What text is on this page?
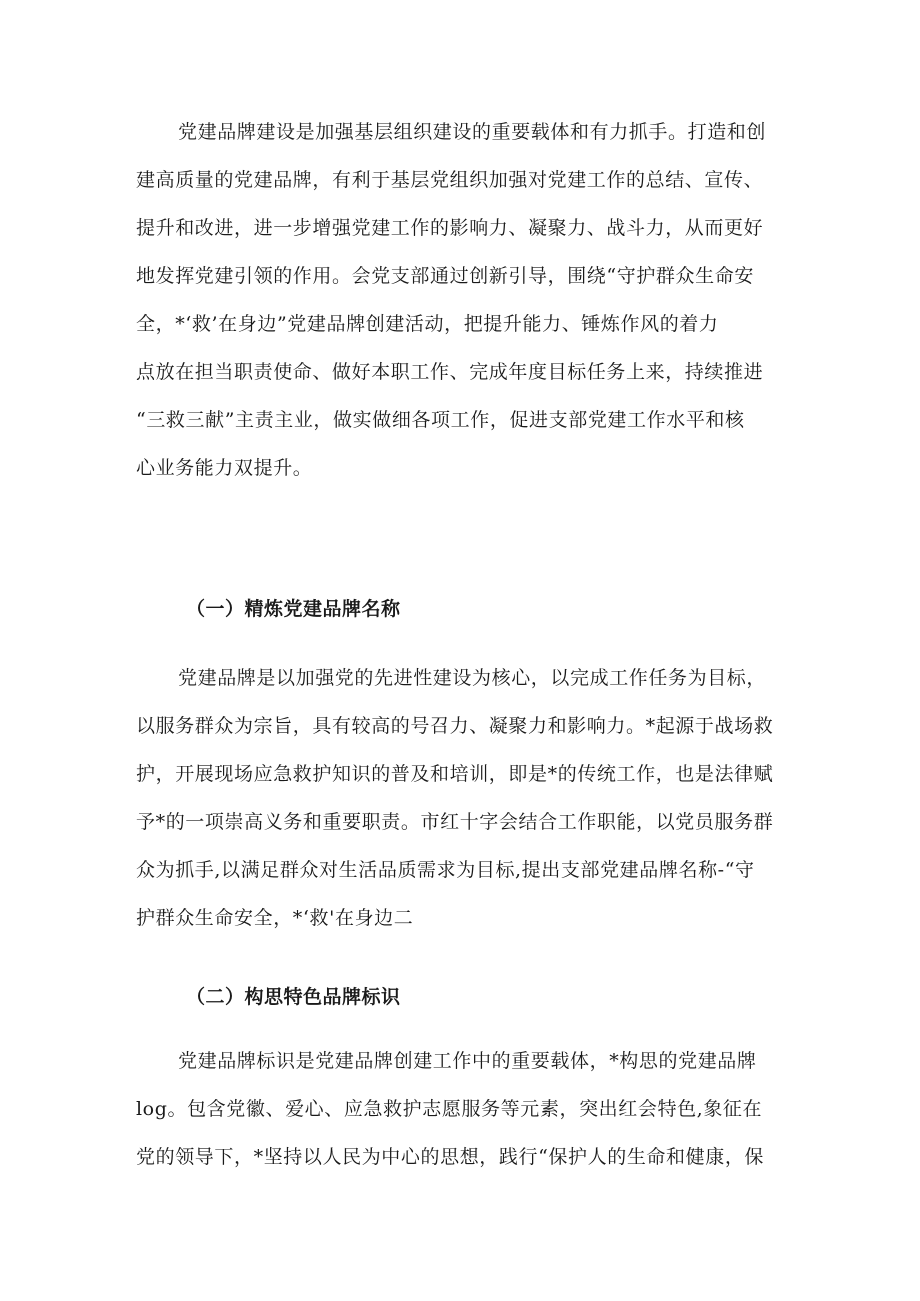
党建品牌建设是加强基层组织建设的重要载体和有力抓手。打造和创
建高质量的党建品牌，有利于基层党组织加强对党建工作的总结、宣传、
提升和改进，进一步增强党建工作的影响力、凝聚力、战斗力，从而更好
地发挥党建引领的作用。会党支部通过创新引导，围绕“守护群众生命安
全，*‘救’在身边”党建品牌创建活动，把提升能力、锤炼作风的着力
点放在担当职责使命、做好本职工作、完成年度目标任务上来，持续推进
“三救三献”主责主业，做实做细各项工作，促进支部党建工作水平和核
心业务能力双提升。
（一）精炼党建品牌名称
党建品牌是以加强党的先进性建设为核心，以完成工作任务为目标，
以服务群众为宗旨，具有较高的号召力、凝聚力和影响力。*起源于战场救
护，开展现场应急救护知识的普及和培训，即是*的传统工作，也是法律赋
予*的一项崇高义务和重要职责。市红十字会结合工作职能，以党员服务群
众为抓手,以满足群众对生活品质需求为目标,提出支部党建品牌名称-“守
护群众生命安全，*‘救'在身边二
（二）构思特色品牌标识
党建品牌标识是党建品牌创建工作中的重要载体，*构思的党建品牌
log。包含党徽、爱心、应急救护志愿服务等元素，突出红会特色,象征在
党的领导下，*坚持以人民为中心的思想，践行“保护人的生命和健康，保
